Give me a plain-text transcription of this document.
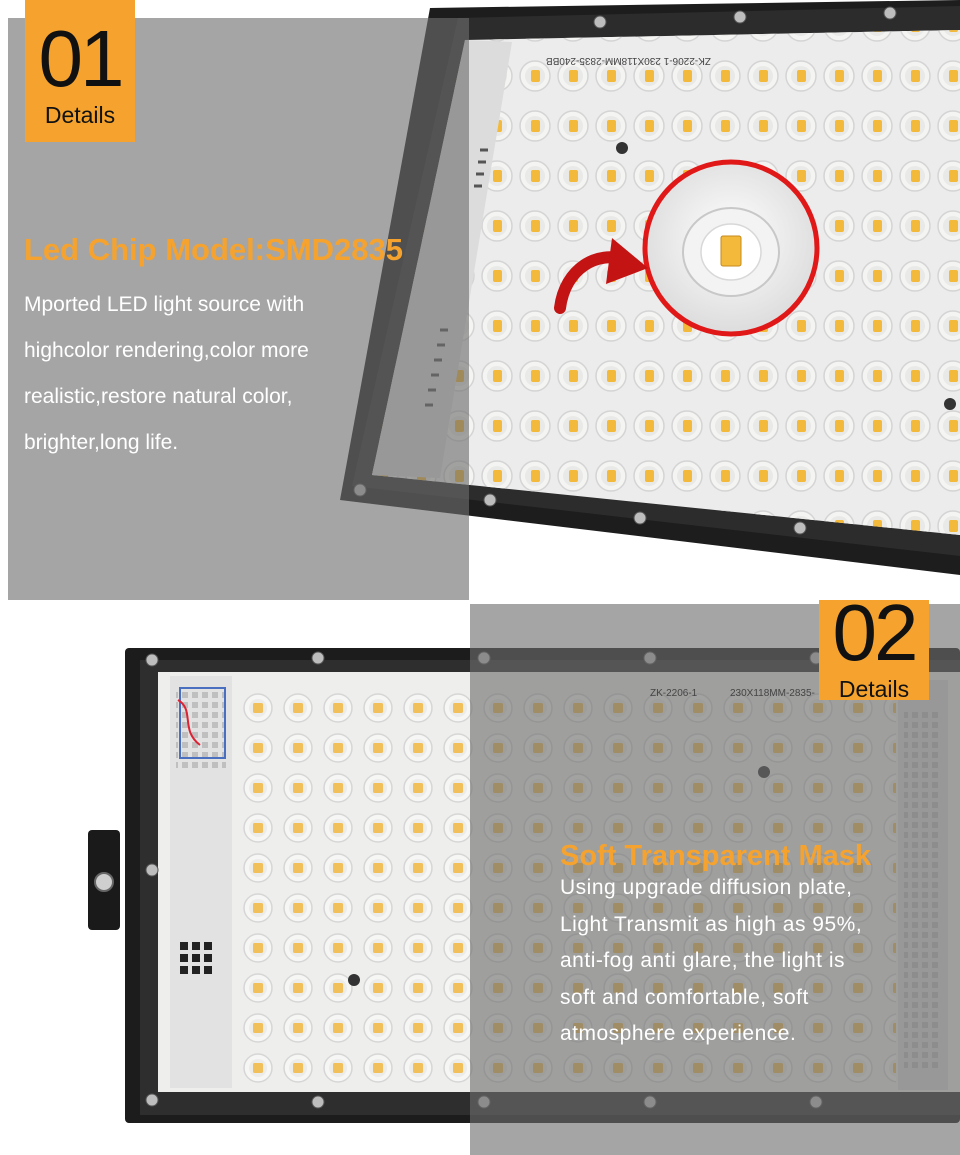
01
Details
Led Chip Model:SMD2835

Mported LED light source with
highcolor rendering,color more
realistic,restore natural color,
brighter,long life.

ZK-2206-1 230X118MM-2835-240BB
ZK-2206-1	230X118MM-2835-
02
Details
Soft Transparent Mask

Using upgrade diffusion plate,
Light Transmit as high as 95%,
anti-fog anti glare, the light is
soft and comfortable, soft
atmosphere experience.
